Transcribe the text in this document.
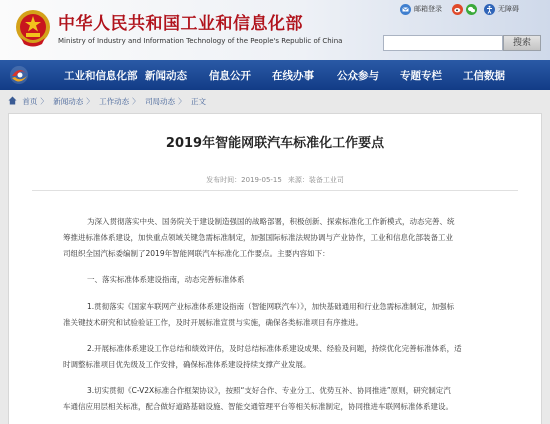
中华人民共和国工业和信息化部
Ministry of Industry and Information Technology of the People's Republic of China
邮箱登录	无障碍
搜索
工业和信息化部 新闻动态 信息公开 在线办事 公众参与 专题专栏 工信数据
首页 〉 新闻动态 〉 工作动态 〉 司局动态 〉 正文
2019年智能网联汽车标准化工作要点
发布时间：2019-05-15 来源：装备工业司
为深入贯彻落实中央、国务院关于建设制造强国的战略部署，积极创新、探索标准化工作新模式，动态完善、统
筹推进标准体系建设，加快重点领域关键急需标准制定，加强国际标准法规协调与产业协作，工业和信息化部装备工业
司组织全国汽标委编制了2019年智能网联汽车标准化工作要点。主要内容如下：
一、落实标准体系建设指南，动态完善标准体系
1.贯彻落实《国家车联网产业标准体系建设指南（智能网联汽车）》，加快基础通用和行业急需标准制定，加强标
准关键技术研究和试验验证工作，及时开展标准宣贯与实施，确保各类标准项目有序推进。
2.开展标准体系建设工作总结和绩效评估，及时总结标准体系建设成果、经验及问题，持续优化完善标准体系，适
时调整标准项目优先级及工作安排，确保标准体系建设持续支撑产业发展。
3.切实贯彻《C-V2X标准合作框架协议》，按照“支好合作、专业分工、优势互补、协同推进”原则，研究制定汽
车通信应用层相关标准，配合做好道路基础设施、智能交通管理平台等相关标准制定，协同推进车联网标准体系建设。
